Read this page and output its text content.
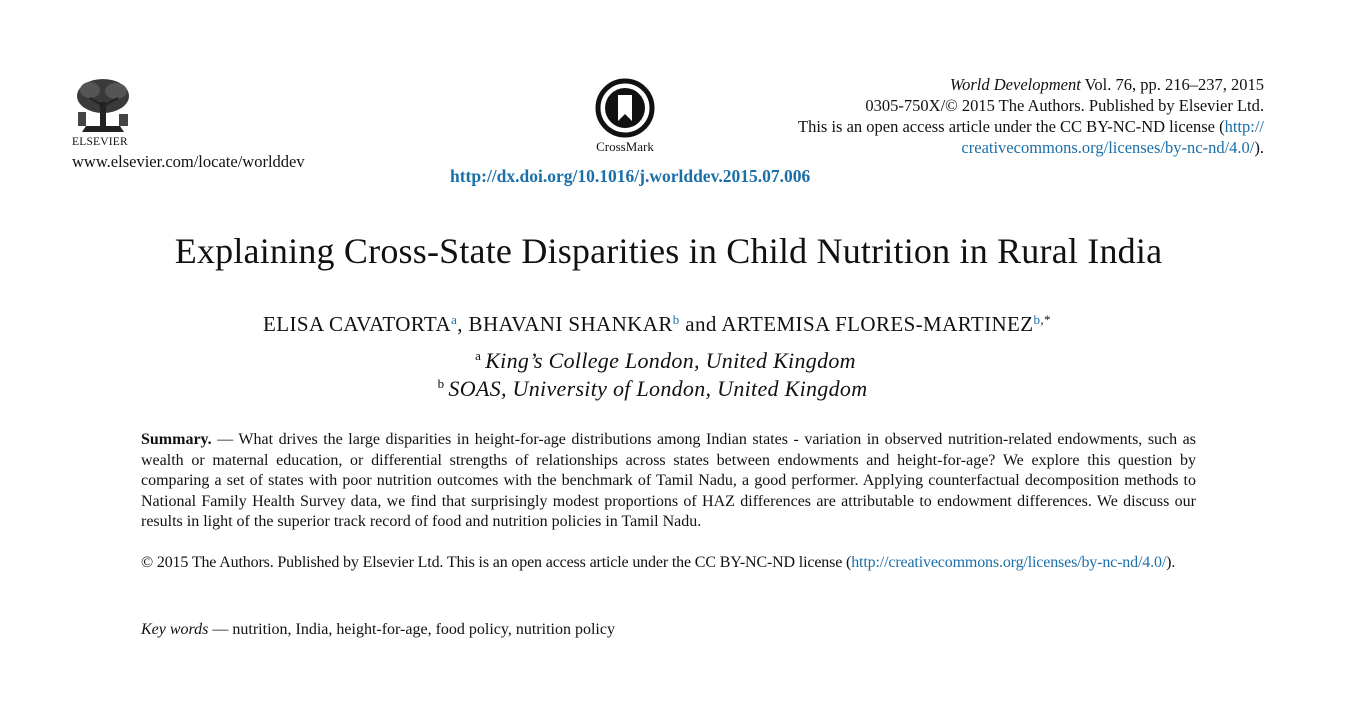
ELSEVIER
www.elsevier.com/locate/worlddev
CrossMark
World Development Vol. 76, pp. 216–237, 2015
0305-750X/© 2015 The Authors. Published by Elsevier Ltd.
This is an open access article under the CC BY-NC-ND license (http://
creativecommons.org/licenses/by-nc-nd/4.0/).
http://dx.doi.org/10.1016/j.worlddev.2015.07.006
Explaining Cross-State Disparities in Child Nutrition in Rural India
ELISA CAVATORTA$^a$, BHAVANI SHANKAR$^b$ and ARTEMISA FLORES-$MARTINEZ^{b,*}$
$^a$ King’s College London, United Kingdom
$^b$ SOAS, University of London, United Kingdom
Summary. — What drives the large disparities in height-for-age distributions among Indian states - variation in observed nutrition-related endowments, such as wealth or maternal education, or differential strengths of relationships across states between endowments and height-for-age? We explore this question by comparing a set of states with poor nutrition outcomes with the benchmark of Tamil Nadu, a good performer. Applying counterfactual decomposition methods to National Family Health Survey data, we find that surprisingly modest proportions of HAZ differences are attributable to endowment differences. We discuss our results in light of the superior track record of food and nutrition policies in Tamil Nadu.
© 2015 The Authors. Published by Elsevier Ltd. This is an open access article under the CC BY-NC-ND license (http://creativecommons.org/licenses/by-nc-nd/4.0/).
Key words — nutrition, India, height-for-age, food policy, nutrition policy
